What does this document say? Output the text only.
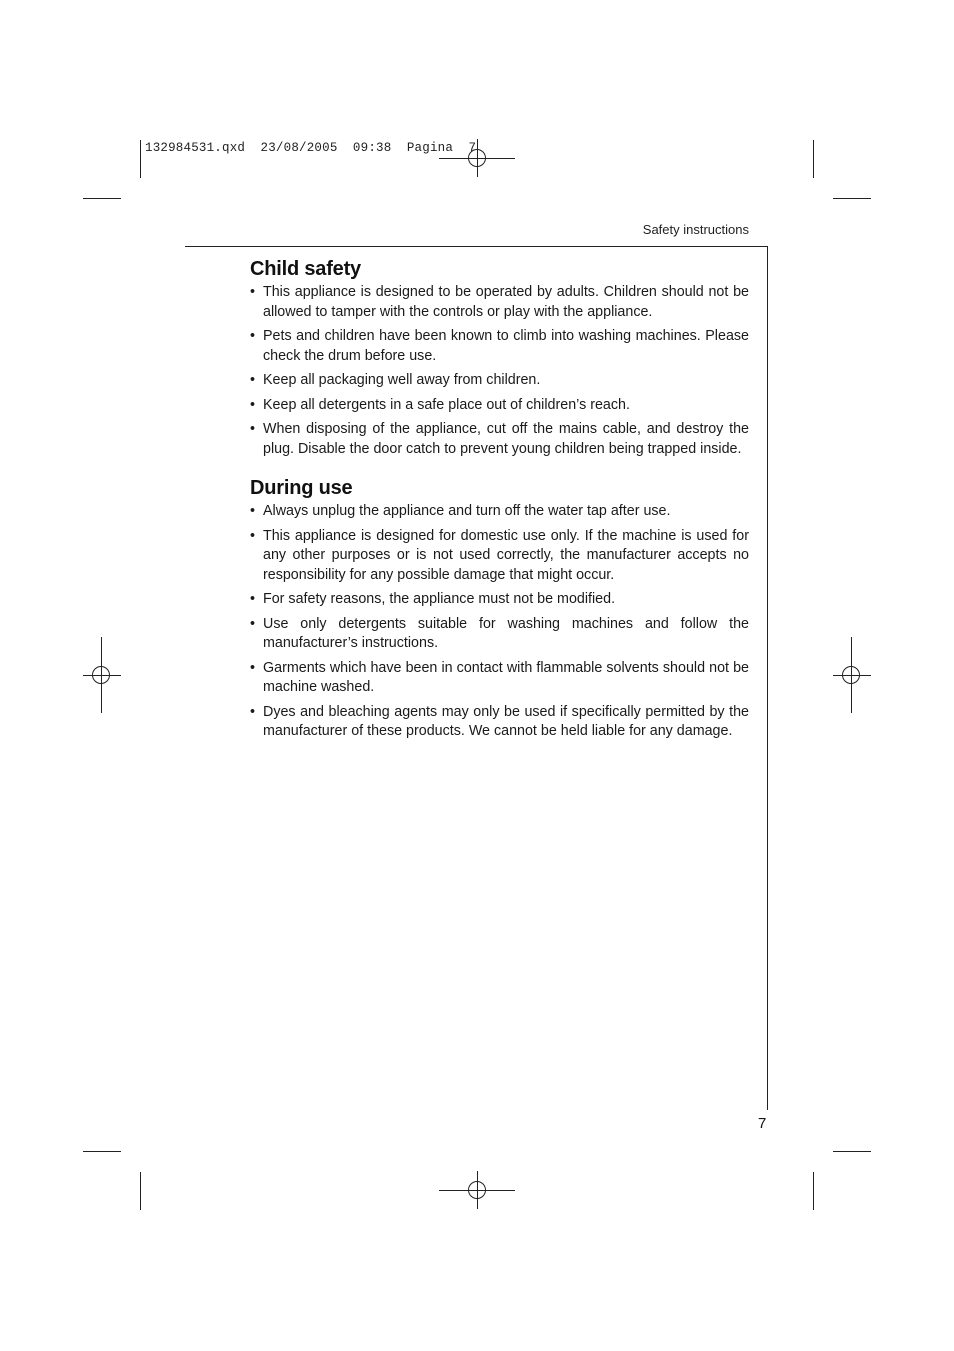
132984531.qxd  23/08/2005  09:38  Pagina  7
Safety instructions
Child safety
• This appliance is designed to be operated by adults. Children should not be allowed to tamper with the controls or play with the appliance.
• Pets and children have been known to climb into washing machines. Please check the drum before use.
• Keep all packaging well away from children.
• Keep all detergents in a safe place out of children’s reach.
• When disposing of the appliance, cut off the mains cable, and destroy the plug. Disable the door catch to prevent young children being trapped inside.
During use
• Always unplug the appliance and turn off the water tap after use.
• This appliance is designed for domestic use only. If the machine is used for any other purposes or is not used correctly, the manufacturer accepts no responsibility for any possible damage that might occur.
• For safety reasons, the appliance must not be modified.
• Use only detergents suitable for washing machines and follow the manufacturer’s instructions.
• Garments which have been in contact with flammable solvents should not be machine washed.
• Dyes and bleaching agents may only be used if specifically permitted by the manufacturer of these products. We cannot be held liable for any damage.
7
